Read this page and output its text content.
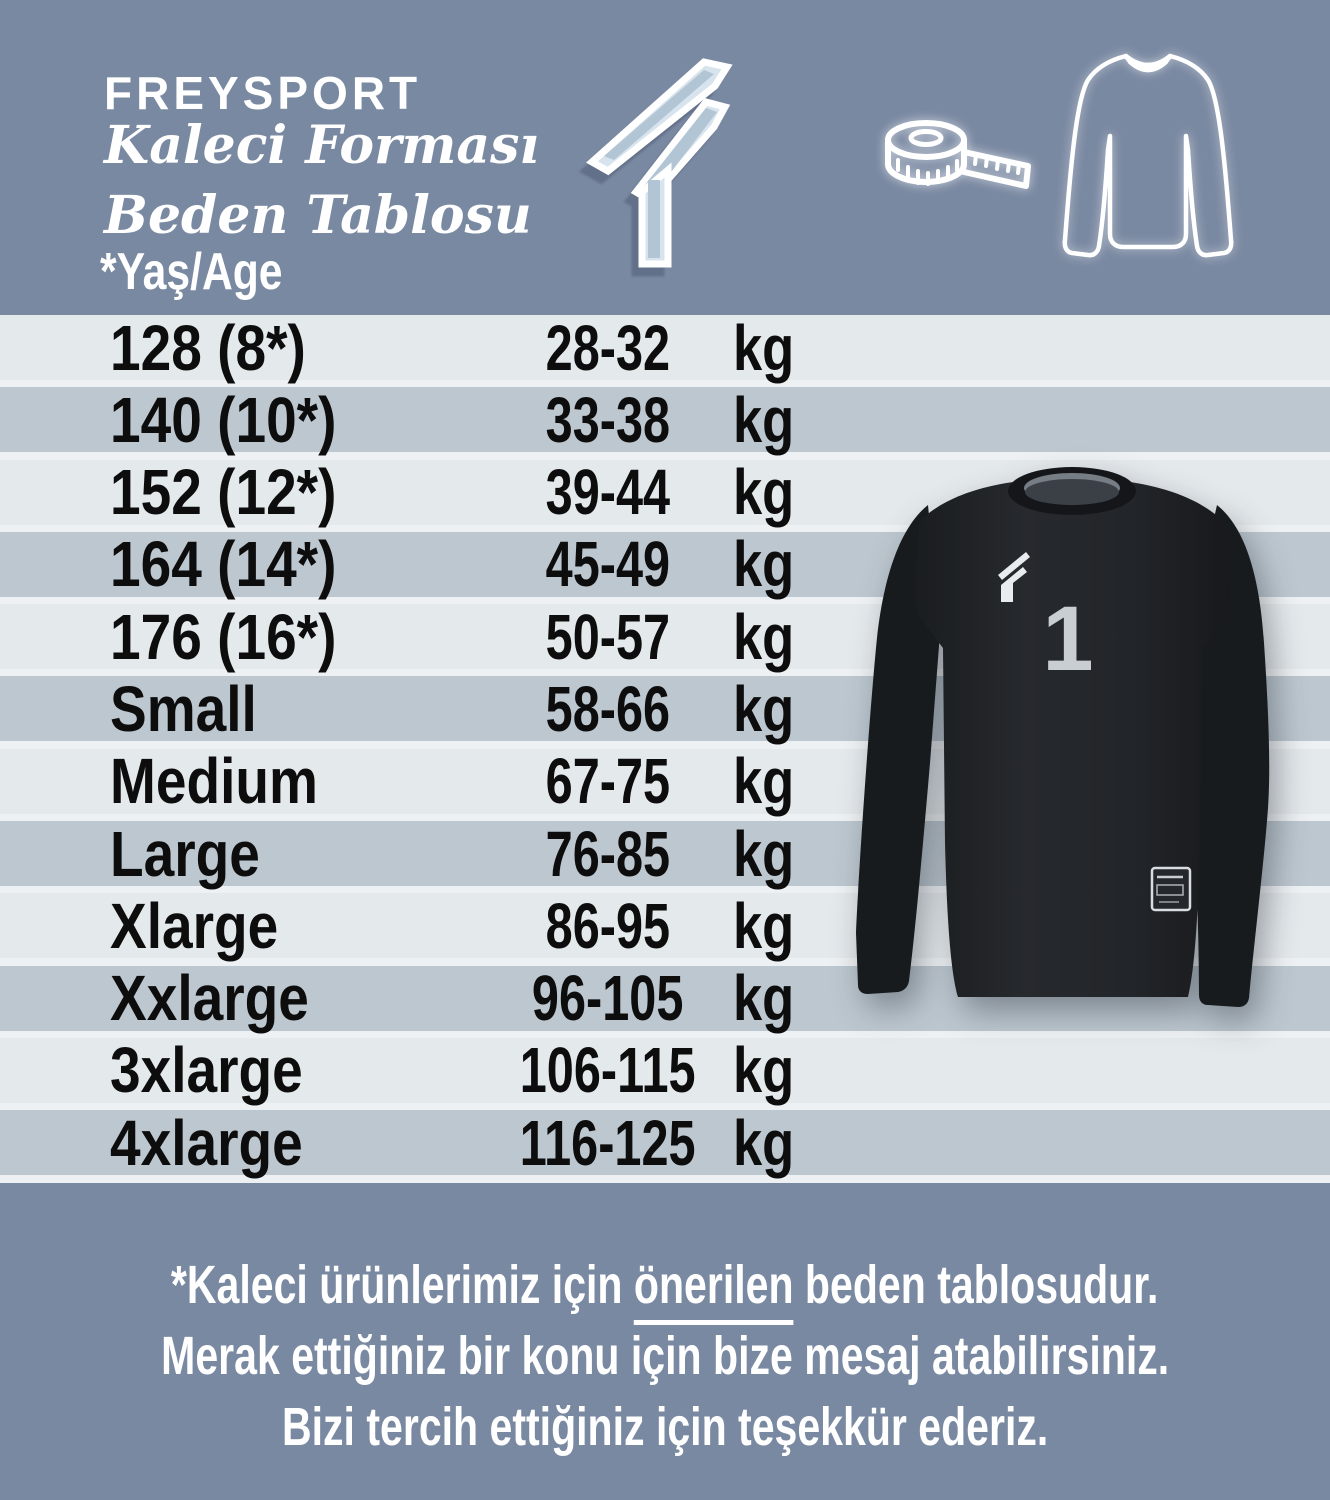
FREYSPORT
Kaleci Forması
Beden Tablosu
*Yaş/Age
128 (8*)	28-32 kg
140 (10*)	33-38 kg
152 (12*)	39-44 kg
164 (14*)	45-49 kg
176 (16*)	50-57 kg
Small	58-66 kg
Medium	67-75 kg
Large	76-85 kg
Xlarge	86-95 kg
Xxlarge	96-105 kg
3xlarge	106-115 kg
4xlarge	116-125 kg
1
*Kaleci ürünlerimiz için önerilen beden tablosudur.
Merak ettiğiniz bir konu için bize mesaj atabilirsiniz.
Bizi tercih ettiğiniz için teşekkür ederiz.
